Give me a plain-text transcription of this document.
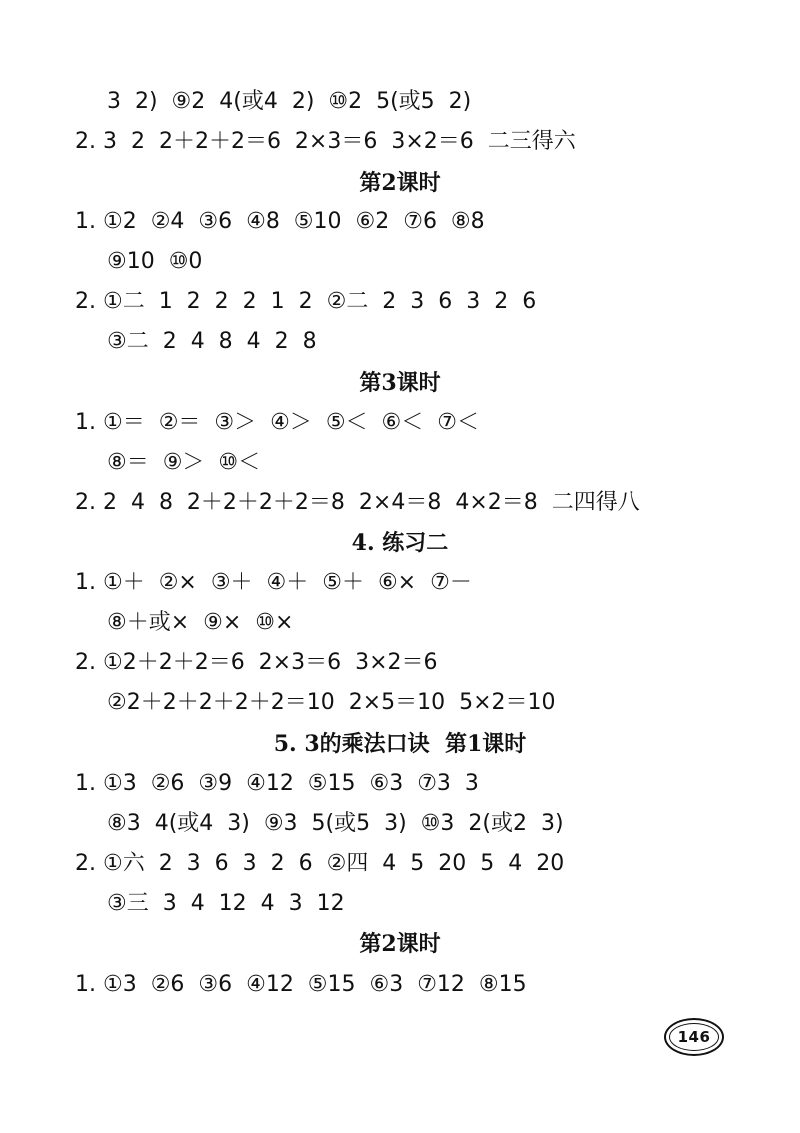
3  2)  ⑨2  4(或4  2)  ⑩2  5(或5  2)
2. 3  2  2＋2＋2＝6  2×3＝6  3×2＝6  二三得六
第2课时
1. ①2  ②4  ③6  ④8  ⑤10  ⑥2  ⑦6  ⑧8
⑨10  ⑩0
2. ①二  1  2  2  2  1  2  ②二  2  3  6  3  2  6
③二  2  4  8  4  2  8
第3课时
1. ①＝  ②＝  ③＞  ④＞  ⑤＜  ⑥＜  ⑦＜
⑧＝  ⑨＞  ⑩＜
2. 2  4  8  2＋2＋2＋2＝8  2×4＝8  4×2＝8  二四得八
4. 练习二
1. ①＋  ②×  ③＋  ④＋  ⑤＋  ⑥×  ⑦－
⑧＋或×  ⑨×  ⑩×
2. ①2＋2＋2＝6  2×3＝6  3×2＝6
②2＋2＋2＋2＋2＝10  2×5＝10  5×2＝10
5. 3的乘法口诀  第1课时
1. ①3  ②6  ③9  ④12  ⑤15  ⑥3  ⑦3  3
⑧3  4(或4  3)  ⑨3  5(或5  3)  ⑩3  2(或2  3)
2. ①六  2  3  6  3  2  6  ②四  4  5  20  5  4  20
③三  3  4  12  4  3  12
第2课时
1. ①3  ②6  ③6  ④12  ⑤15  ⑥3  ⑦12  ⑧15
146
